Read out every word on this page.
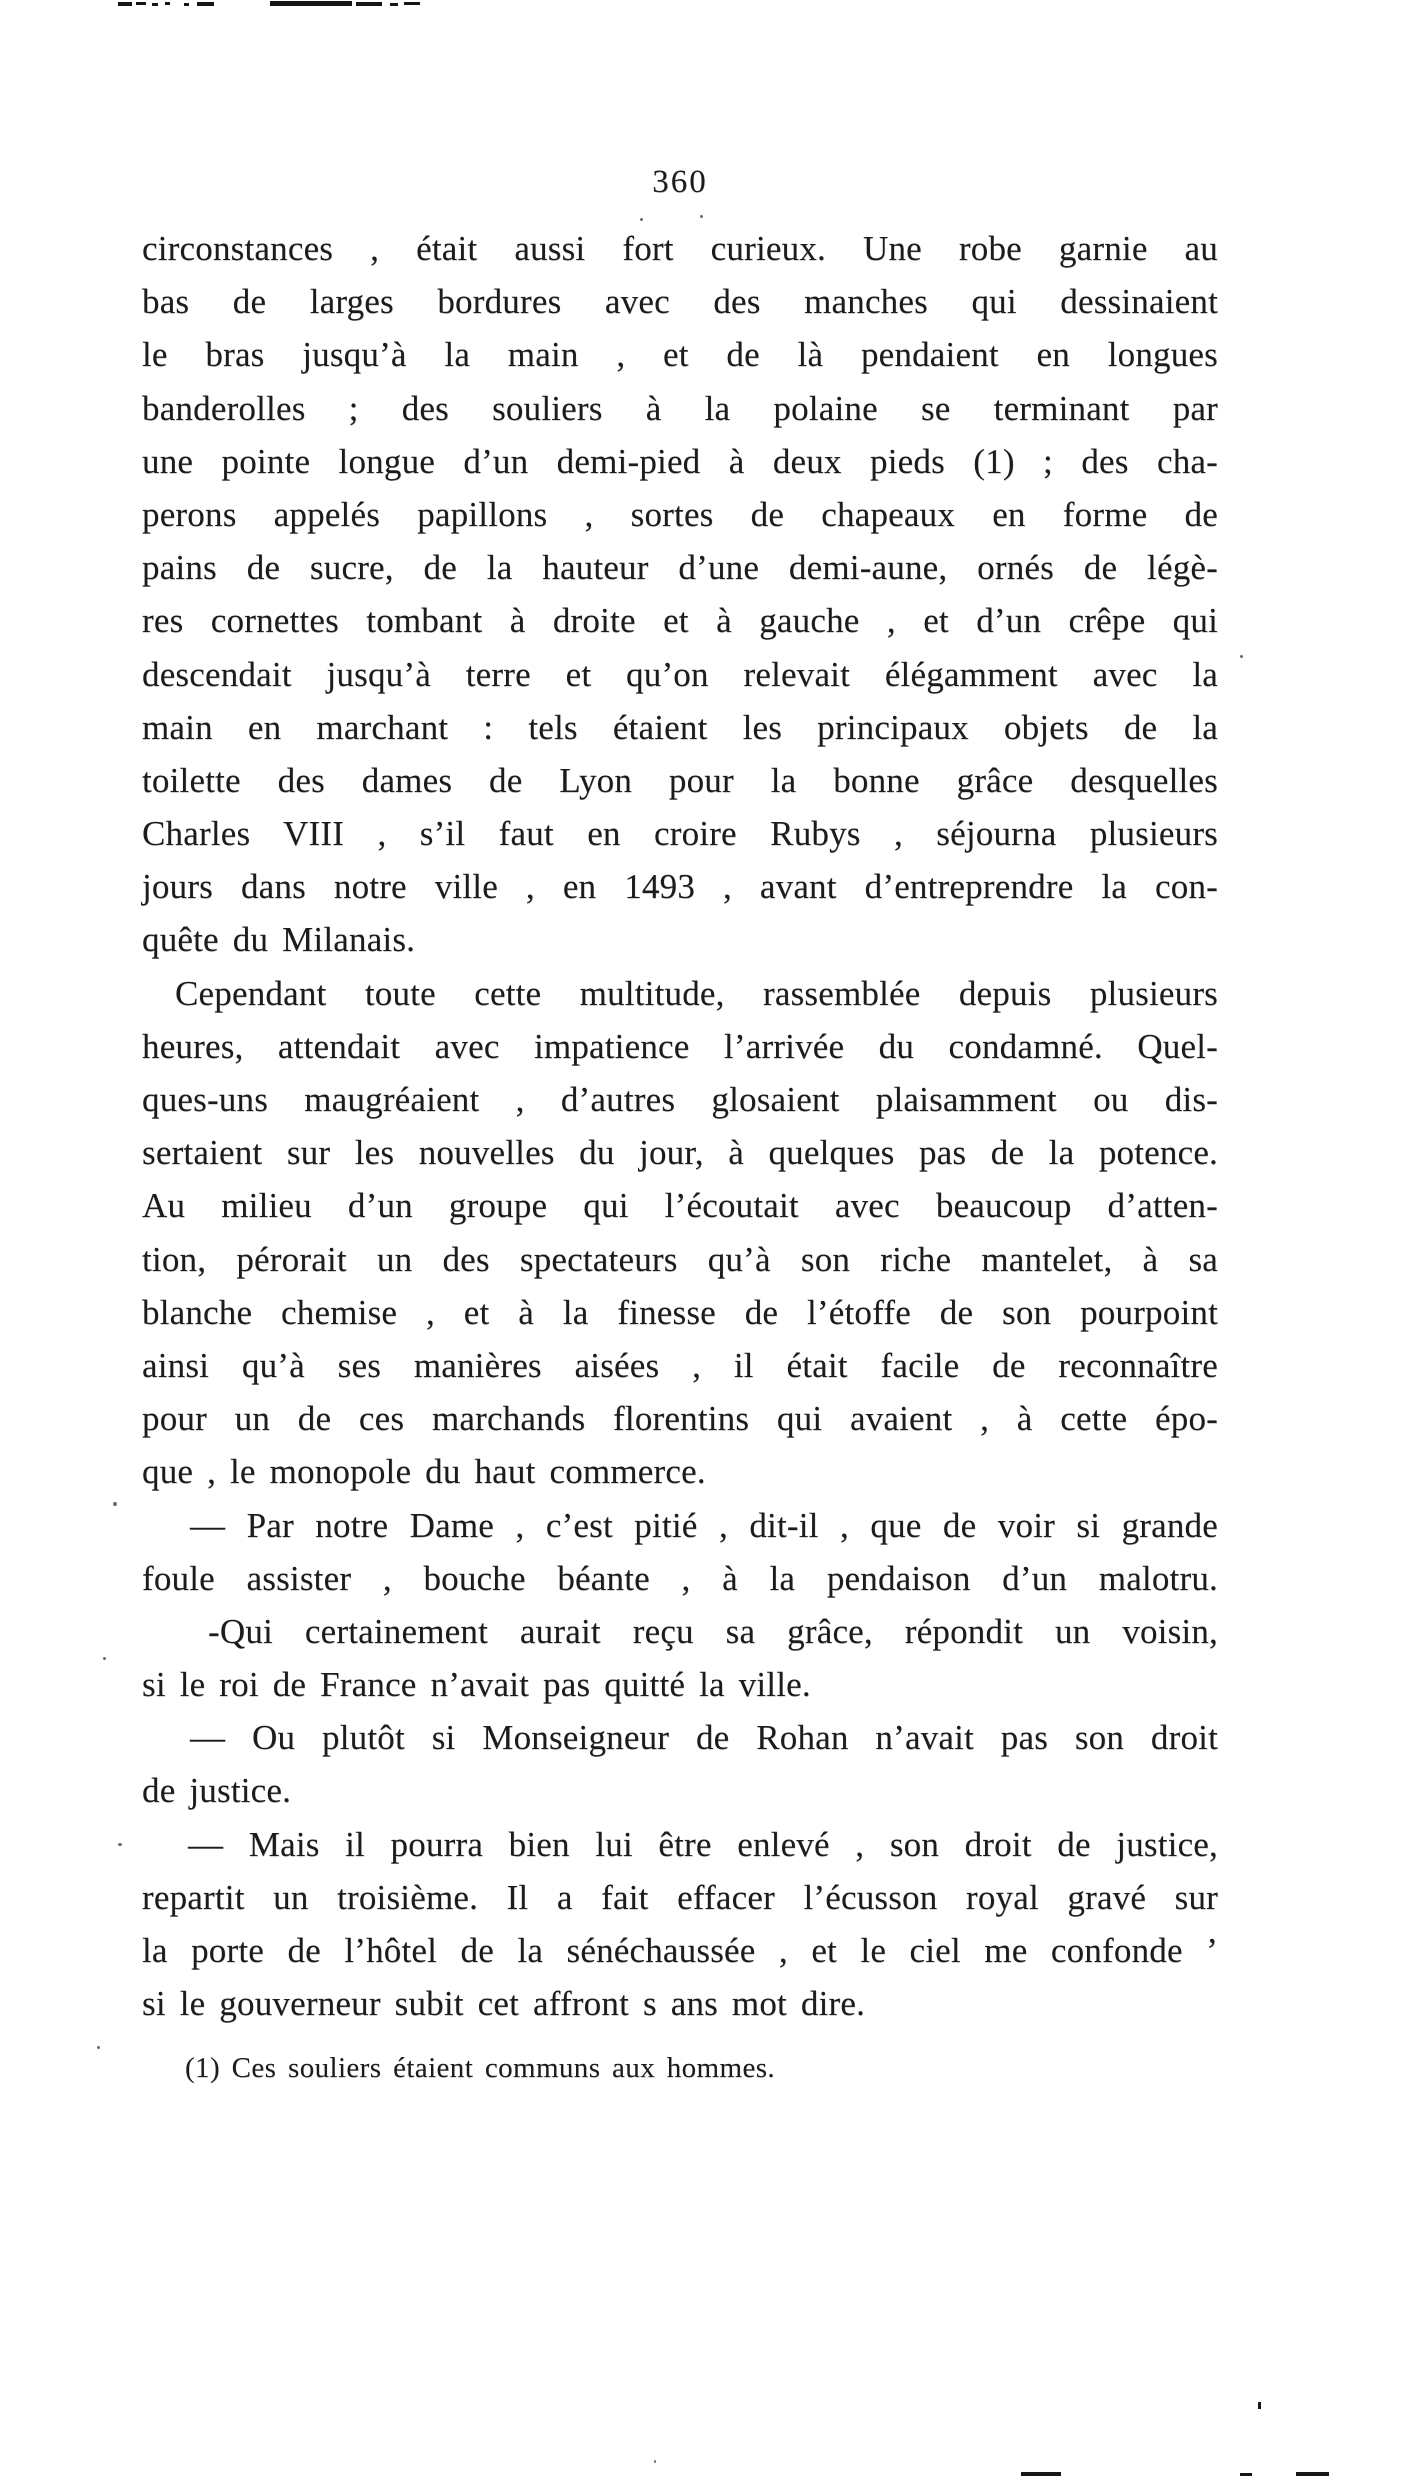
360
circonstances , était aussi fort curieux. Une robe garnie au
bas de larges bordures avec des manches qui dessinaient
le bras jusqu’à la main , et de là pendaient en longues
banderolles ; des souliers à la polaine se terminant par
une pointe longue d’un demi-pied à deux pieds (1) ; des cha-
perons appelés papillons , sortes de chapeaux en forme de
pains de sucre, de la hauteur d’une demi-aune, ornés de légè-
res cornettes tombant à droite et à gauche , et d’un crêpe qui
descendait jusqu’à terre et qu’on relevait élégamment avec la
main en marchant : tels étaient les principaux objets de la
toilette des dames de Lyon pour la bonne grâce desquelles
Charles VIII , s’il faut en croire Rubys , séjourna plusieurs
jours dans notre ville , en 1493 , avant d’entreprendre la con-
quête du Milanais.
Cependant toute cette multitude, rassemblée depuis plusieurs
heures, attendait avec impatience l’arrivée du condamné. Quel-
ques-uns maugréaient , d’autres glosaient plaisamment ou dis-
sertaient sur les nouvelles du jour, à quelques pas de la potence.
Au milieu d’un groupe qui l’écoutait avec beaucoup d’atten-
tion, pérorait un des spectateurs qu’à son riche mantelet, à sa
blanche chemise , et à la finesse de l’étoffe de son pourpoint
ainsi qu’à ses manières aisées , il était facile de reconnaître
pour un de ces marchands florentins qui avaient , à cette épo-
que , le monopole du haut commerce.
— Par notre Dame , c’est pitié , dit-il , que de voir si grande
foule assister , bouche béante , à la pendaison d’un malotru.
-Qui certainement aurait reçu sa grâce, répondit un voisin,
si le roi de France n’avait pas quitté la ville.
— Ou plutôt si Monseigneur de Rohan n’avait pas son droit
de justice.
— Mais il pourra bien lui être enlevé , son droit de justice,
repartit un troisième. Il a fait effacer l’écusson royal gravé sur
la porte de l’hôtel de la sénéchaussée , et le ciel me confonde ’
si le gouverneur subit cet affront s ans mot dire.
(1) Ces souliers étaient communs aux hommes.
